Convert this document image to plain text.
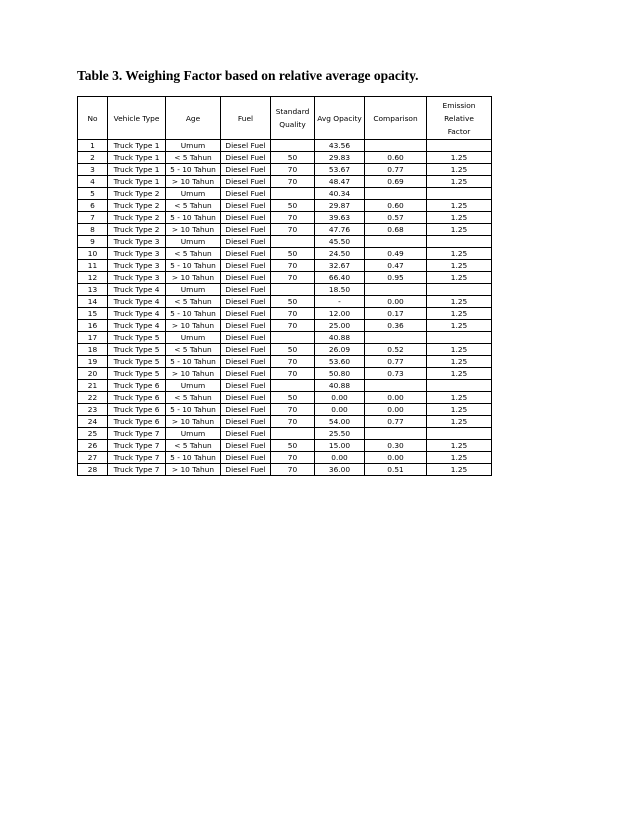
Table 3. Weighing Factor based on relative average opacity.
No	Vehicle Type	Age	Fuel	Standard Quality	Avg Opacity	Comparison	Emission Relative Factor
1	Truck Type 1	Umum	Diesel Fuel		43.56		
2	Truck Type 1	< 5 Tahun	Diesel Fuel	50	29.83	0.60	1.25
3	Truck Type 1	5 - 10 Tahun	Diesel Fuel	70	53.67	0.77	1.25
4	Truck Type 1	> 10 Tahun	Diesel Fuel	70	48.47	0.69	1.25
5	Truck Type 2	Umum	Diesel Fuel		40.34		
6	Truck Type 2	< 5 Tahun	Diesel Fuel	50	29.87	0.60	1.25
7	Truck Type 2	5 - 10 Tahun	Diesel Fuel	70	39.63	0.57	1.25
8	Truck Type 2	> 10 Tahun	Diesel Fuel	70	47.76	0.68	1.25
9	Truck Type 3	Umum	Diesel Fuel		45.50		
10	Truck Type 3	< 5 Tahun	Diesel Fuel	50	24.50	0.49	1.25
11	Truck Type 3	5 - 10 Tahun	Diesel Fuel	70	32.67	0.47	1.25
12	Truck Type 3	> 10 Tahun	Diesel Fuel	70	66.40	0.95	1.25
13	Truck Type 4	Umum	Diesel Fuel		18.50		
14	Truck Type 4	< 5 Tahun	Diesel Fuel	50	-	0.00	1.25
15	Truck Type 4	5 - 10 Tahun	Diesel Fuel	70	12.00	0.17	1.25
16	Truck Type 4	> 10 Tahun	Diesel Fuel	70	25.00	0.36	1.25
17	Truck Type 5	Umum	Diesel Fuel		40.88		
18	Truck Type 5	< 5 Tahun	Diesel Fuel	50	26.09	0.52	1.25
19	Truck Type 5	5 - 10 Tahun	Diesel Fuel	70	53.60	0.77	1.25
20	Truck Type 5	> 10 Tahun	Diesel Fuel	70	50.80	0.73	1.25
21	Truck Type 6	Umum	Diesel Fuel		40.88		
22	Truck Type 6	< 5 Tahun	Diesel Fuel	50	0.00	0.00	1.25
23	Truck Type 6	5 - 10 Tahun	Diesel Fuel	70	0.00	0.00	1.25
24	Truck Type 6	> 10 Tahun	Diesel Fuel	70	54.00	0.77	1.25
25	Truck Type 7	Umum	Diesel Fuel		25.50		
26	Truck Type 7	< 5 Tahun	Diesel Fuel	50	15.00	0.30	1.25
27	Truck Type 7	5 - 10 Tahun	Diesel Fuel	70	0.00	0.00	1.25
28	Truck Type 7	> 10 Tahun	Diesel Fuel	70	36.00	0.51	1.25
